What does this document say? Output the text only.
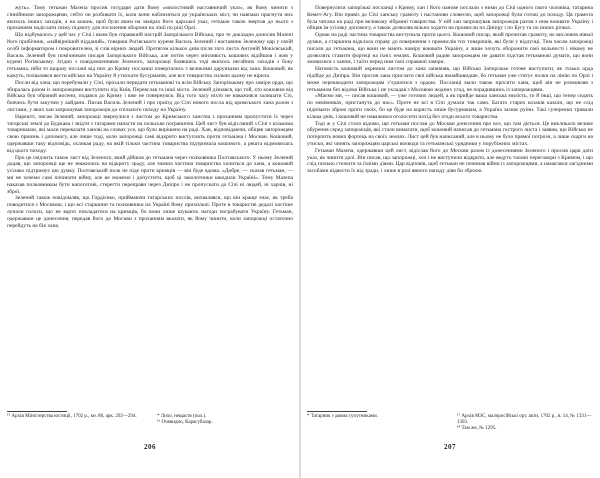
жугь». Тому гетьман Мазепа просив государя дати йому «милостивий наставничий указ», як йому чинити з сіннійними запорожцями, себто чи розбивати їх, коли вони наблизяться до українських міст, чи навпаки прагнути них якихось інших заходів, а на кошик, щоб були яким на замірах його царської указ, гетьман також звертав до нього з проханням надіслати свіжу підмогу для посилення оборони на лінії по ріці Орлі.

Що відбувалось у цей час у Січі і яким був справжній настрій Запорізького Війська, про те докладно доносив Мазепі його прибічник, «найвірніший підданий», товариш Рогівського куреня Василь Зелений і наставник Зеленому цар у своїй особі інформатором і покровителем, зі слів вірних людей. Протягом кількох днів після того листа Антоній Мокієвський, Василь Зелений був помічником писаря Запорізького Війська, але потім через мінливість кошових відійшов і жив у курені Рогівському. Згідно з повідомленнями Зеленого, запорожці боявшись тоді якихось негайних заходів з боку гетьмана, ніби то щоразу послані від них до Криму посланці повертались з великими дарунками від хана. Кошовий, як кажуть, похвалявся вести військо на Україну й утискати бусурманів, але все товариство сильно цьому не вірило.

Посли від хана, що перебували у Січі, прохали передати гетьманові та всім Війську Запорізькому про заміри орди, що збиралась разом із запорожцями виступити під Київ, Переяслав та інші міста. Зелений дізнався, що той, хто кошовим від Війська був обраний восени, подався до Криму і вже не повернувся. Від того часу ніхто не наважився залишати Січ, боячись бути закутим у кайдани. Писав Василь Зелений і про приїзд до Січі нового посла від кримського хана разом з листами, у яких хан запрошував запорожців до спільного походу на Україну.

Нарешті, писав Зелений, запорожці звернулися з листом до Кримського ханства з проханням пропустити їх через татарські землі до Буджака і звідти з татарами напасти на польське пограниччя. Цей лист був відісланий з Січі з кількома товаришами, які мали переказати ханові на словах усе, що було вирішено на раді. Хан, відповідаючи, обіцяв запорожцям свою приязнь і допомогу, але лише тоді, коли запорожці самі відкрито виступлять проти гетьмана і Москви. Кошовий, одержавши таку відповідь, скликав раду, на якій тільки частина товариства підтримала кошового, а решта відмовилась від цього походу.

Про це свідчить також лист від Зеленого, який дійшов до гетьмана через полковника Полтавського. У ньому Зелений додав, що запорожці ще не зважились на відкриту зраду, але значна частина товариства хилиться до хана, а кошовий усіляко підтримує цю думку. Полтавський полк не піде проти кримців — він буде вдома. «Добре, — сказав гетьман, — ми не хочемо самі починати війну, але не можемо і допустити, щоб ці заколотники шкодили Україні». Тому Мазепа наказав полковникам бути напоготові, стерегти переправи через Дніпро і не пропускати до Січі ні людей, ні харчів, ні зброї.

Зелений також повідомляв, що Гордієнко, приймаючи татарських послів, вихвалявся, що він краще знає, як треба поводитися з Москвою, і що всі старшини та полковники на Україні йому прихильні. Проте в товаристві дедалі частіше лунали голоси, що не варто покладатися на кримців, бо вони лише шукають нагоди пограбувати Україну. Гетьман, одержавши це донесення, передав його до Москви з проханням вказати, як йому чинити, коли запорожці остаточно перейдуть на бік хана.

¹⁵ Архів Міністерства юстиції, 1702 р., кн. 86, арк. 292—294.	* Лихо, нещастя (пол.).
¹⁶ Очевидно, Карасубазар.
206

Повернулися запорізькі посланці з Криму, хан і його панове послали з ними до Січі одного свого чоловіка, татарина Кемет-Агу. Він привіз до Січі ханську грамоту і настанови словесно, щоб запорожці були готові до походу. Ця грамота була читана на раді при великому зібранні товариства. У ній хан запрошував запорожців разом з ним воювати Україну і обіцяв їм усіляку допомогу, а також дозволяв вільно ходити на промисли по Дніпру і по Бугу та по інших річках.

Однак на раді частина товариства виступила проти цього. Кошовий писар, який прочитав грамоту, не висловив ніякої думки, а старшина відклала справу до повернення з промислів тих товаришів, які були у відлучці. Тим часом запорожці писали до гетьмана, що вони не мають наміру воювати Україну, а лише хочуть оборонити свої вольності і нікому не дозволять ставити фортеці на їхніх землях. Кошовий радив запорожцям не давати підстав гетьманові думати, що вони змовилися з ханом, і таїти перед ним свої справжні заміри.

Натомість кошовий окремим листом до хана запевняв, що Військо Запорізьке готове виступити, як тільки орда підійде до Дніпра. Він просив хана прислати свої війська якнайшвидше, бо гетьман уже стягує полки на лінію по Орлі і може перешкодити запорожцям з’єднатися з ордою. Посланці мали також просити хана, щоб він не розмовляв з гетьманом без відома Війська і не укладав з Москвою жодних угод, не порадившись із запорожцями.

«Маємо ми, — писав кошовий, — уже готових людей, а як прийде ваша ханська милість, то й інші, що тепер сидять по зимівниках, пристануть до нас». Проте не всі в Січі думали так само. Багато старих козаків казали, що не слід піднімати зброю проти своїх, бо це буде на користь лише бусурманам, а Україна зазнає руїни. Такі суперечки тривали кілька днів, і кошовий не наважився оголосити похід без згоди всього товариства.

Тоді ж у Січі стало відомо, що гетьман послав до Москви донесення про все, що там діється. Це викликало велике обурення серед запорожців, які стали вимагати, щоб кошовий написав до гетьмана гострого листа і заявив, що Військо не потерпить нових фортець на своїх землях. Лист цей був написаний, але в ньому не було прямої погрози, а лише скарги на утиски, які чинять запорожцям царські воєводи та гетьманські урядники у порубіжних містах.

Гетьман Мазепа, одержавши цей лист, відіслав його до Москви разом із донесеннями Зеленого і просив царя дати указ, як чинити далі. Він писав, що запорожці, хоч і не виступили відкрито, але ведуть таємні переговори з Кримом, і що слід пильно стежити за їхніми діями. Цар відповів, щоб гетьман не починав війни із запорожцями, а намагався лагідними засобами відвести їх від зради, і лише в разі явного нападу діяв би зброєю.

* Татарник з двома супутниками.	¹⁷ Архів МЗС, малоросійські орт. акти, 1702 р., в. 14, № 1331—1303.
¹⁸ Там же, № 1295.
207
